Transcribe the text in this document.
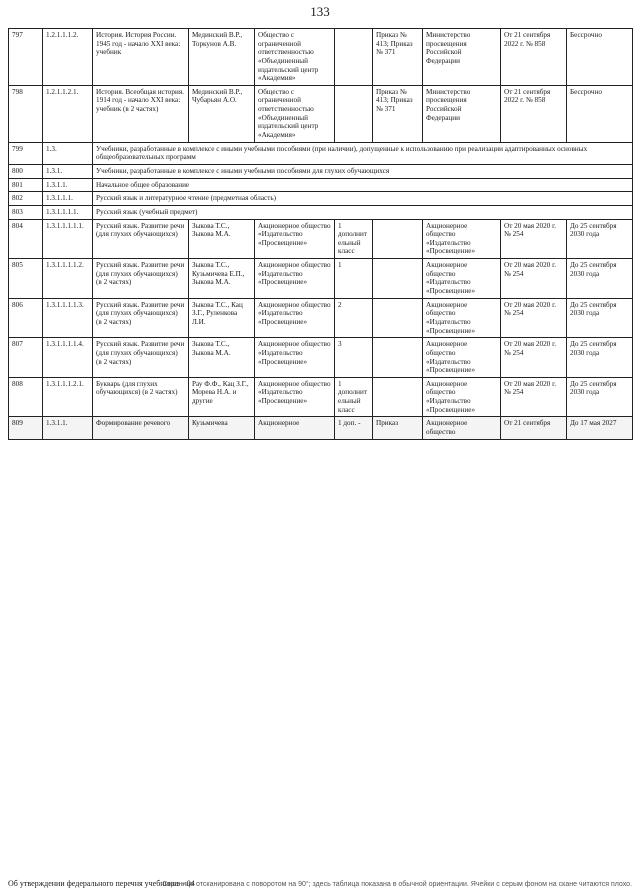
133
797	1.2.1.1.1.2.	История. История России. 1945 год - начало XXI века: учебник	Мединский В.Р., Торкунов А.В.	Общество с ограниченной ответственностью «Объединенный издательский центр «Академия»		Приказ № 413; Приказ № 371	Министерство просвещения Российской Федерации	От 21 сентября 2022 г. № 858	Бессрочно
798	1.2.1.1.2.1.	История. Всеобщая история. 1914 год - начало XXI века: учебник (в 2 частях)	Мединский В.Р., Чубарьян А.О.	Общество с ограниченной ответственностью «Объединенный издательский центр «Академия»		Приказ № 413; Приказ № 371	Министерство просвещения Российской Федерации	От 21 сентября 2022 г. № 858	Бессрочно
799	1.3.	Учебники, разработанные в комплексе с иными учебными пособиями (при наличии), допущенные к использованию при реализации адаптированных основных общеобразовательных программ							
800	1.3.1.	Учебники, разработанные в комплексе с иными учебными пособиями для глухих обучающихся							
801	1.3.1.1.	Начальное общее образование							
802	1.3.1.1.1.	Русский язык и литературное чтение (предметная область)							
803	1.3.1.1.1.1.	Русский язык (учебный предмет)							
804	1.3.1.1.1.1.1.	Русский язык. Развитие речи (для глухих обучающихся)	Зыкова Т.С., Зыкова М.А.	Акционерное общество «Издательство «Просвещение»	1 дополнительный класс		Акционерное общество «Издательство «Просвещение»	От 20 мая 2020 г. № 254	До 25 сентября 2030 года
805	1.3.1.1.1.1.2.	Русский язык. Развитие речи (для глухих обучающихся) (в 2 частях)	Зыкова Т.С., Кузьмичева Е.П., Зыкова М.А.	Акционерное общество «Издательство «Просвещение»	1		Акционерное общество «Издательство «Просвещение»	От 20 мая 2020 г. № 254	До 25 сентября 2030 года
806	1.3.1.1.1.1.3.	Русский язык. Развитие речи (для глухих обучающихся) (в 2 частях)	Зыкова Т.С., Кац З.Г., Руленкова Л.И.	Акционерное общество «Издательство «Просвещение»	2		Акционерное общество «Издательство «Просвещение»	От 20 мая 2020 г. № 254	До 25 сентября 2030 года
807	1.3.1.1.1.1.4.	Русский язык. Развитие речи (для глухих обучающихся) (в 2 частях)	Зыкова Т.С., Зыкова М.А.	Акционерное общество «Издательство «Просвещение»	3		Акционерное общество «Издательство «Просвещение»	От 20 мая 2020 г. № 254	До 25 сентября 2030 года
808	1.3.1.1.1.2.1.	Букварь (для глухих обучающихся) (в 2 частях)	Рау Ф.Ф., Кац З.Г., Морева Н.А. и другие	Акционерное общество «Издательство «Просвещение»	1 дополнительный класс		Акционерное общество «Издательство «Просвещение»	От 20 мая 2020 г. № 254	До 25 сентября 2030 года
809	1.3.1.1.	Формирование речевого	Кузьмичева	Акционерное	1 доп. -	Приказ	Акционерное общество	От 21 сентября	До 17 мая 2027
Об утверждении федерального перечня учебников - 04
Страница отсканирована с поворотом на 90°; здесь таблица показана в обычной ориентации. Ячейки с серым фоном на скане читаются плохо.
